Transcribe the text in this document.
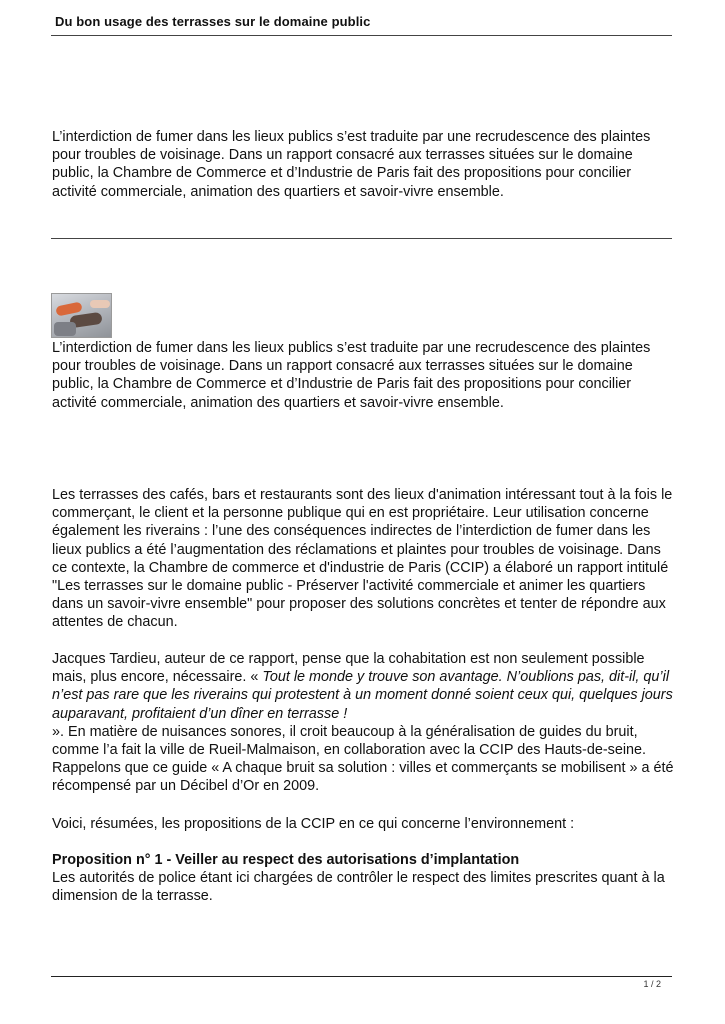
Du bon usage des terrasses sur le domaine public

L’interdiction de fumer dans les lieux publics s’est traduite par une recrudescence des plaintes pour troubles de voisinage. Dans un rapport consacré aux terrasses situées sur le domaine public, la Chambre de Commerce et d’Industrie de Paris fait des propositions pour concilier activité commerciale, animation des quartiers et savoir-vivre ensemble.

L’interdiction de fumer dans les lieux publics s’est traduite par une recrudescence des plaintes pour troubles de voisinage. Dans un rapport consacré aux terrasses situées sur le domaine public, la Chambre de Commerce et d’Industrie de Paris fait des propositions pour concilier activité commerciale, animation des quartiers et savoir-vivre ensemble.

Les terrasses des cafés, bars et restaurants sont des lieux d'animation intéressant tout à la fois le commerçant, le client et la personne publique qui en est propriétaire. Leur utilisation concerne également les riverains : l’une des conséquences indirectes de l’interdiction de fumer dans les lieux publics a été l’augmentation des réclamations et plaintes pour troubles de voisinage. Dans ce contexte, la Chambre de commerce et d'industrie de Paris (CCIP) a élaboré un rapport intitulé "Les terrasses sur le domaine public - Préserver l'activité commerciale et animer les quartiers dans un savoir-vivre ensemble" pour proposer des solutions concrètes et tenter de répondre aux attentes de chacun.

Jacques Tardieu, auteur de ce rapport, pense que la cohabitation est non seulement possible mais, plus encore, nécessaire. « Tout le monde y trouve son avantage. N’oublions pas, dit-il, qu’il n’est pas rare que les riverains qui protestent à un moment donné soient ceux qui, quelques jours auparavant, profitaient d’un dîner en terrasse !
». En matière de nuisances sonores, il croit beaucoup à la généralisation de guides du bruit, comme l’a fait la ville de Rueil-Malmaison, en collaboration avec la CCIP des Hauts-de-seine. Rappelons que ce guide « A chaque bruit sa solution : villes et commerçants se mobilisent » a été récompensé par un Décibel d’Or en 2009.

Voici, résumées, les propositions de la CCIP en ce qui concerne l’environnement :

Proposition n° 1 - Veiller au respect des autorisations d’implantation
Les autorités de police étant ici chargées de contrôler le respect des limites prescrites quant à la dimension de la terrasse.

1 / 2
